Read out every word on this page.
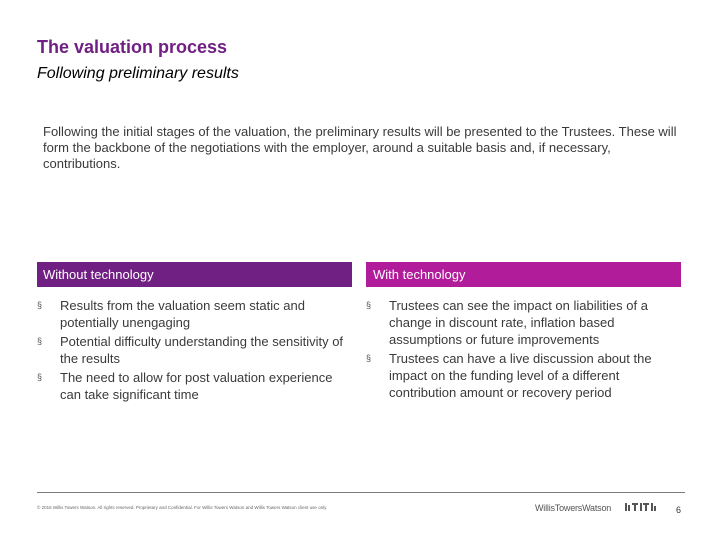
The valuation process
Following preliminary results

Following the initial stages of the valuation, the preliminary results will be presented to the Trustees. These will form the backbone of the negotiations with the employer, around a suitable basis and, if necessary, contributions.

Without technology	With technology
§ Results from the valuation seem static and potentially unengaging
§ Potential difficulty understanding the sensitivity of the results
§ The need to allow for post valuation experience can take significant time
§ Trustees can see the impact on liabilities of a change in discount rate, inflation based assumptions or future improvements
§ Trustees can have a live discussion about the impact on the funding level of a different contribution amount or recovery period
© 2016 Willis Towers Watson. All rights reserved. Proprietary and Confidential. For Willis Towers Watson and Willis Towers Watson client use only.	WillisTowersWatson	6
